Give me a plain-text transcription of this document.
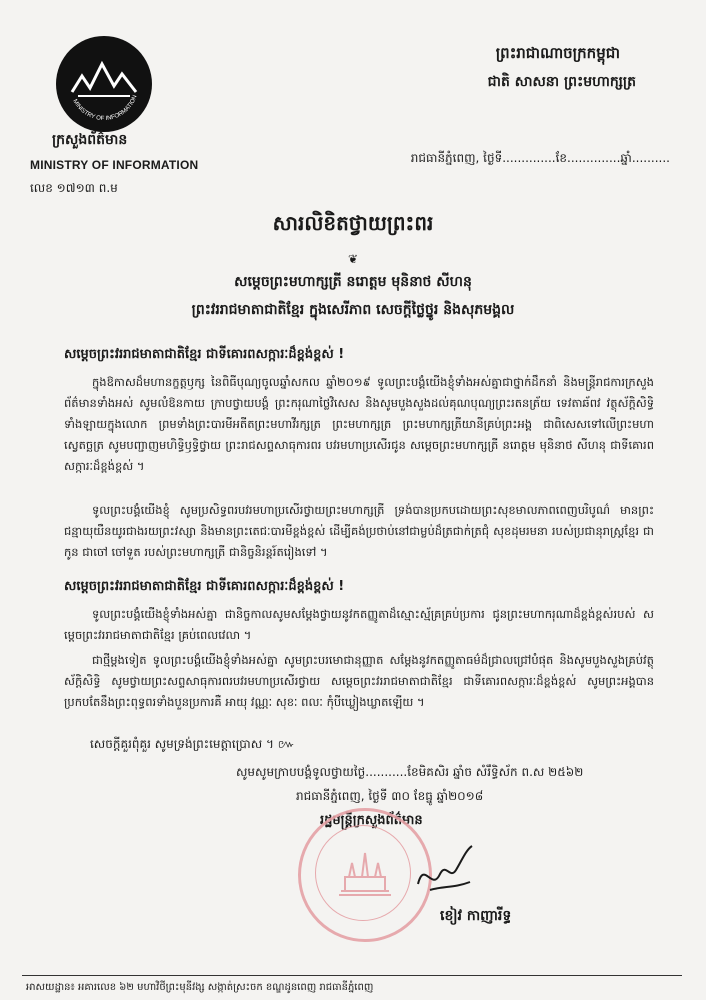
MINISTRY OF INFORMATION
ក្រសួងព័ត៌មាន
MINISTRY OF INFORMATION
លេខ ១៧១៣ ព.ម
ព្រះរាជាណាចក្រកម្ពុជា
ជាតិ សាសនា ព្រះមហាក្សត្រ
រាជធានីភ្នំពេញ, ថ្ងៃទី..............ខែ..............ឆ្នាំ..........
សារលិខិតថ្វាយព្រះពរ
❦
សម្តេចព្រះមហាក្សត្រី នរោត្តម មុនិនាថ សីហនុ
ព្រះវររាជមាតាជាតិខ្មែរ ក្នុងសេរីភាព សេចក្តីថ្លៃថ្នូរ និងសុភមង្គល
សម្តេចព្រះវររាជមាតាជាតិខ្មែរ ជាទីគោរពសក្ការៈដ៏ខ្ពង់ខ្ពស់ !
ក្នុងឱកាសដ៏មហានក្ខត្តឫក្ស នៃពិធីបុណ្យចូលឆ្នាំសកល ឆ្នាំ២០១៩ ទូលព្រះបង្គំយើងខ្ញុំទាំងអស់គ្នាជាថ្នាក់ដឹកនាំ និងមន្ត្រីរាជការក្រសួងព័ត៌មានទាំងអស់ សូមលំឱនកាយ ក្រាបថ្វាយបង្គំ ព្រះករុណាថ្លៃវិសេស និងសូមបួងសួងដល់គុណបុណ្យព្រះរតនត្រ័យ ទេវតាឆ័ពវ វត្ថុស័ក្តិសិទ្ធិទាំងឡាយក្នុងលោក ព្រមទាំងព្រះបារមីអតីតព្រះមហាវីរក្សត្រ ព្រះមហាក្សត្រ ព្រះមហាក្សត្រីយានីគ្រប់ព្រះអង្គ ជាពិសេសទៅលើព្រះមហាស្វេតច្ឆត្រ សូមបញ្ជាញមហិទ្ធិឫទ្ធិថ្វាយ ព្រះរាជសព្ទសាធុការពរ បវរមហាប្រសើរជូន សម្តេចព្រះមហាក្សត្រី នរោត្តម មុនិនាថ សីហនុ ជាទីគោរពសក្ការៈដ៏ខ្ពង់ខ្ពស់ ។
ទូលព្រះបង្គំយើងខ្ញុំ សូមប្រសិទ្ធពរបវរមហាប្រសើរថ្វាយព្រះមហាក្សត្រី ទ្រង់បានប្រកបដោយព្រះសុខមាលភាពពេញបរិបូណ៌ មានព្រះជន្មាយុយឺនយូរជាងរយព្រះវស្សា និងមានព្រះតេជៈបារមីខ្ពង់ខ្ពស់ ដើម្បីគង់ប្រថាប់នៅជាម្លប់ដ៏ត្រជាក់ត្រជុំ សុខដុមរមនា របស់ប្រជានុរាស្ត្រខ្មែរ ជាកូន ជាចៅ ចៅទួត របស់ព្រះមហាក្សត្រី ជានិច្ចនិរន្តរ៍តរៀងទៅ ។
សម្តេចព្រះវររាជមាតាជាតិខ្មែរ ជាទីគោរពសក្ការៈដ៏ខ្ពង់ខ្ពស់ !
ទូលព្រះបង្គំយើងខ្ញុំទាំងអស់គ្នា ជានិច្ចកាលសូមសម្តែងថ្វាយនូវកតញ្ញូតាដ៏ស្មោះស្ម័គ្រគ្រប់ប្រការ ជូនព្រះមហាករុណាដ៏ខ្ពង់ខ្ពស់របស់ សម្តេចព្រះវររាជមាតាជាតិខ្មែរ គ្រប់ពេលវេលា ។
ជាថ្មីម្តងទៀត ទូលព្រះបង្គំយើងខ្ញុំទាំងអស់គ្នា សូមព្រះបរមោជានុញ្ញាត សម្តែងនូវកតញ្ញូតាធម៌ដ៏ជ្រាលជ្រៅបំផុត និងសូមបួងសួងគ្រប់វត្ថុស័ក្តិសិទ្ធិ សូមថ្វាយព្រះសព្ទសាធុការពរបវរមហាប្រសើរថ្វាយ សម្តេចព្រះវររាជមាតាជាតិខ្មែរ ជាទីគោរពសក្ការៈដ៏ខ្ពង់ខ្ពស់ សូមព្រះអង្គបានប្រកបតែនឹងព្រះពុទ្ធពរទាំងបួនប្រការគឺ អាយុ វណ្ណៈ សុខៈ ពលៈ កុំបីឃ្លៀងឃ្លាតឡើយ ។
សេចក្តីគួរពុំគួរ សូមទ្រង់ព្រះមេត្តាប្រោស ។ ៚
សូមសូមក្រាបបង្គំទូលថ្វាយថ្ងៃ...........ខែមិគសិរ ឆ្នាំច សំរឹទ្ធិស័ក ព.ស ២៥៦២
រាជធានីភ្នំពេញ, ថ្ងៃទី ៣០ ខែធ្នូ ឆ្នាំ២០១៨
រដ្ឋមន្ត្រីក្រសួងព័ត៌មាន
ខៀវ កាញារីទ្ធ
អាសយដ្ឋាន៖ អគារលេខ ៦២ មហាវិថីព្រះមុនីវង្ស សង្កាត់ស្រះចក ខណ្ឌដូនពេញ រាជធានីភ្នំពេញ
